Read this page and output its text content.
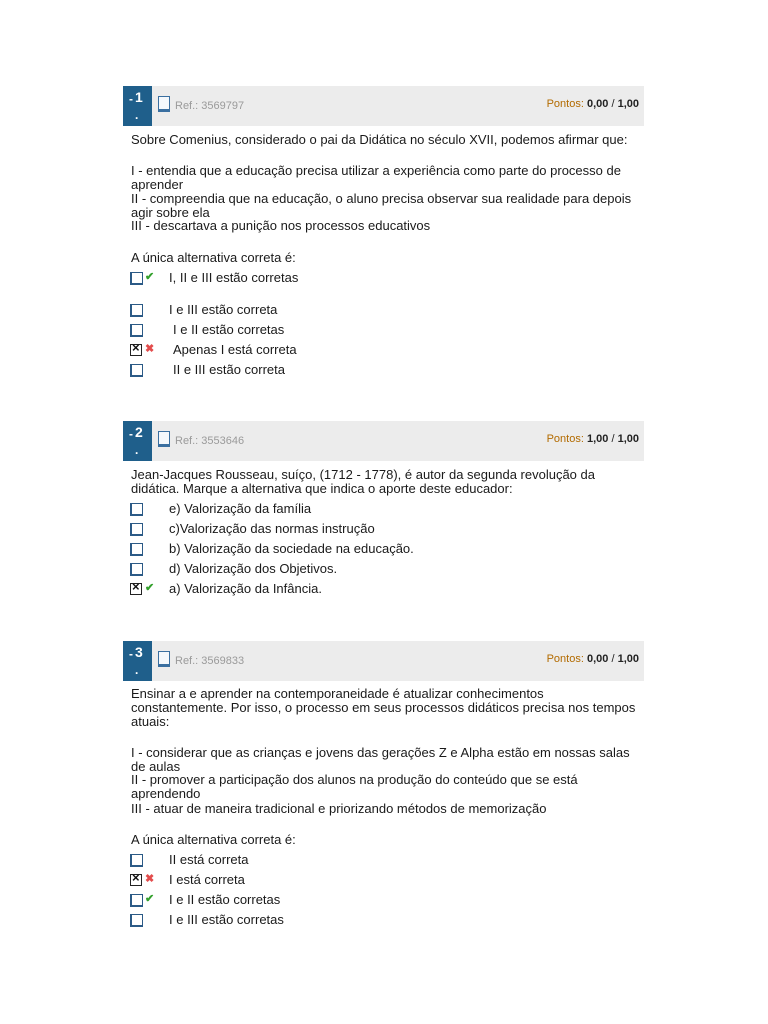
- 1
.
Ref.: 3569797	Pontos: 0,00 / 1,00

Sobre Comenius, considerado o pai da Didática no século XVII, podemos afirmar que:

I - entendia que a educação precisa utilizar a experiência como parte do processo de aprender

II - compreendia que na educação, o aluno precisa observar sua realidade para depois agir sobre ela

III - descartava a punição nos processos educativos

A única alternativa correta é:

✔ I, II e III estão corretas
I e III estão correta
I e II estão corretas
×
✖ Apenas I está correta
II e III estão correta
- 2
.
Ref.: 3553646	Pontos: 1,00 / 1,00

Jean-Jacques Rousseau, suíço, (1712 - 1778), é autor da segunda revolução da didática. Marque a alternativa que indica o aporte deste educador:

e) Valorização da família
c)Valorização das normas instrução
b) Valorização da sociedade na educação.
d) Valorização dos Objetivos.
×
✔ a) Valorização da Infância.
- 3
.
Ref.: 3569833	Pontos: 0,00 / 1,00

Ensinar a e aprender na contemporaneidade é atualizar conhecimentos constantemente. Por isso, o processo em seus processos didáticos precisa nos tempos atuais:

I - considerar que as crianças e jovens das gerações Z e Alpha estão em nossas salas de aulas

II - promover a participação dos alunos na produção do conteúdo que se está aprendendo

III - atuar de maneira tradicional e priorizando métodos de memorização

A única alternativa correta é:

II está correta
×
✖ I está correta
✔ I e II estão corretas
I e III estão corretas
